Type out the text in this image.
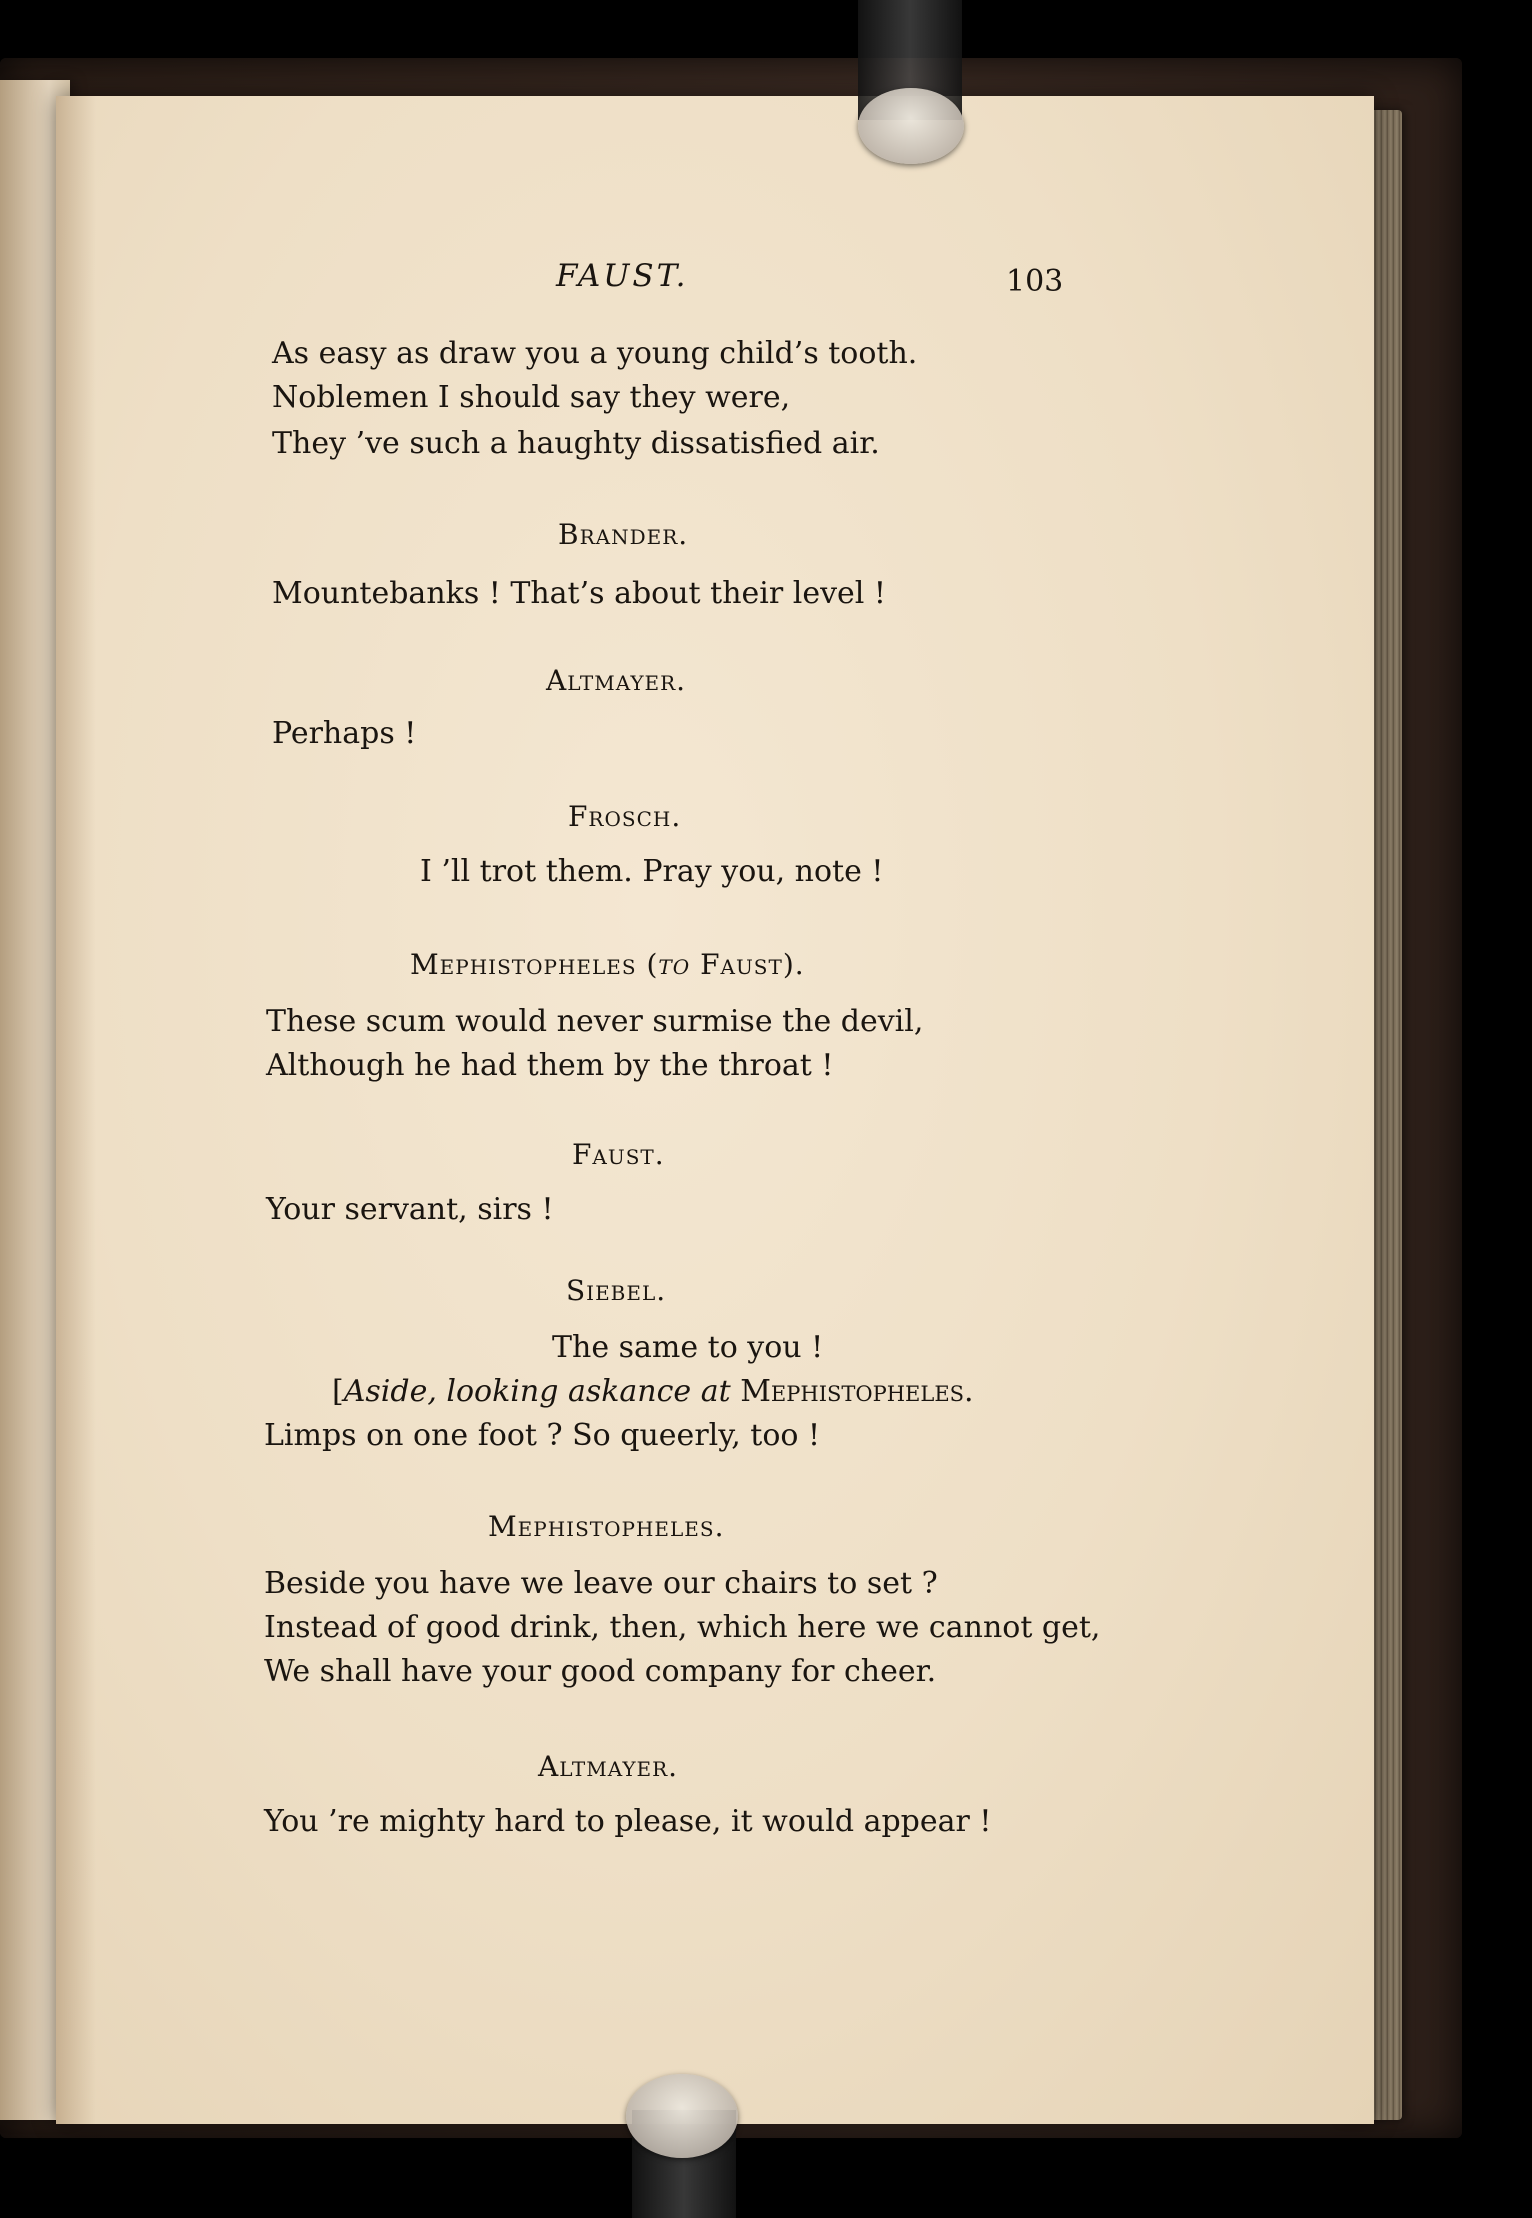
FAUST.	103
As easy as draw you a young child’s tooth.
Noblemen I should say they were,
They ’ve such a haughty dissatisfied air.
Brander.
Mountebanks ! That’s about their level !
Altmayer.
Perhaps !
Frosch.
I ’ll trot them. Pray you, note !
Mephistopheles (to Faust).
These scum would never surmise the devil,
Although he had them by the throat !
Faust.
Your servant, sirs !
Siebel.
The same to you !
[Aside, looking askance at Mephistopheles.
Limps on one foot ? So queerly, too !
Mephistopheles.
Beside you have we leave our chairs to set ?
Instead of good drink, then, which here we cannot get,
We shall have your good company for cheer.
Altmayer.
You ’re mighty hard to please, it would appear !
